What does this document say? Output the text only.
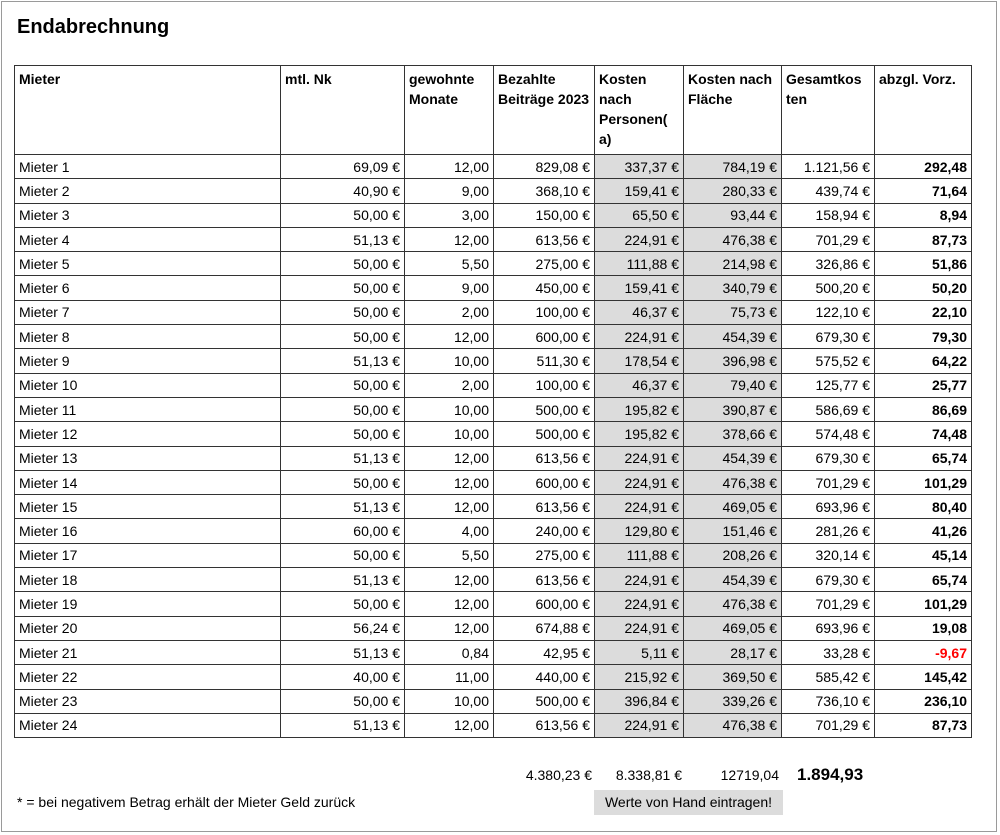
Endabrechnung
Mieter	mtl. Nk	gewohnte Monate	Bezahlte Beiträge 2023	Kosten nach Personen( a)	Kosten nach Fläche	Gesamtkos ten	abzgl. Vorz.
Mieter 1	69,09 €	12,00	829,08 €	337,37 €	784,19 €	1.121,56 €	292,48
Mieter 2	40,90 €	9,00	368,10 €	159,41 €	280,33 €	439,74 €	71,64
Mieter 3	50,00 €	3,00	150,00 €	65,50 €	93,44 €	158,94 €	8,94
Mieter 4	51,13 €	12,00	613,56 €	224,91 €	476,38 €	701,29 €	87,73
Mieter 5	50,00 €	5,50	275,00 €	111,88 €	214,98 €	326,86 €	51,86
Mieter 6	50,00 €	9,00	450,00 €	159,41 €	340,79 €	500,20 €	50,20
Mieter 7	50,00 €	2,00	100,00 €	46,37 €	75,73 €	122,10 €	22,10
Mieter 8	50,00 €	12,00	600,00 €	224,91 €	454,39 €	679,30 €	79,30
Mieter 9	51,13 €	10,00	511,30 €	178,54 €	396,98 €	575,52 €	64,22
Mieter 10	50,00 €	2,00	100,00 €	46,37 €	79,40 €	125,77 €	25,77
Mieter 11	50,00 €	10,00	500,00 €	195,82 €	390,87 €	586,69 €	86,69
Mieter 12	50,00 €	10,00	500,00 €	195,82 €	378,66 €	574,48 €	74,48
Mieter 13	51,13 €	12,00	613,56 €	224,91 €	454,39 €	679,30 €	65,74
Mieter 14	50,00 €	12,00	600,00 €	224,91 €	476,38 €	701,29 €	101,29
Mieter 15	51,13 €	12,00	613,56 €	224,91 €	469,05 €	693,96 €	80,40
Mieter 16	60,00 €	4,00	240,00 €	129,80 €	151,46 €	281,26 €	41,26
Mieter 17	50,00 €	5,50	275,00 €	111,88 €	208,26 €	320,14 €	45,14
Mieter 18	51,13 €	12,00	613,56 €	224,91 €	454,39 €	679,30 €	65,74
Mieter 19	50,00 €	12,00	600,00 €	224,91 €	476,38 €	701,29 €	101,29
Mieter 20	56,24 €	12,00	674,88 €	224,91 €	469,05 €	693,96 €	19,08
Mieter 21	51,13 €	0,84	42,95 €	5,11 €	28,17 €	33,28 €	-9,67
Mieter 22	40,00 €	11,00	440,00 €	215,92 €	369,50 €	585,42 €	145,42
Mieter 23	50,00 €	10,00	500,00 €	396,84 €	339,26 €	736,10 €	236,10
Mieter 24	51,13 €	12,00	613,56 €	224,91 €	476,38 €	701,29 €	87,73
4.380,23 €	8.338,81 €	12719,04 1.894,93
* = bei negativem Betrag erhält der Mieter Geld zurück	Werte von Hand eintragen!
